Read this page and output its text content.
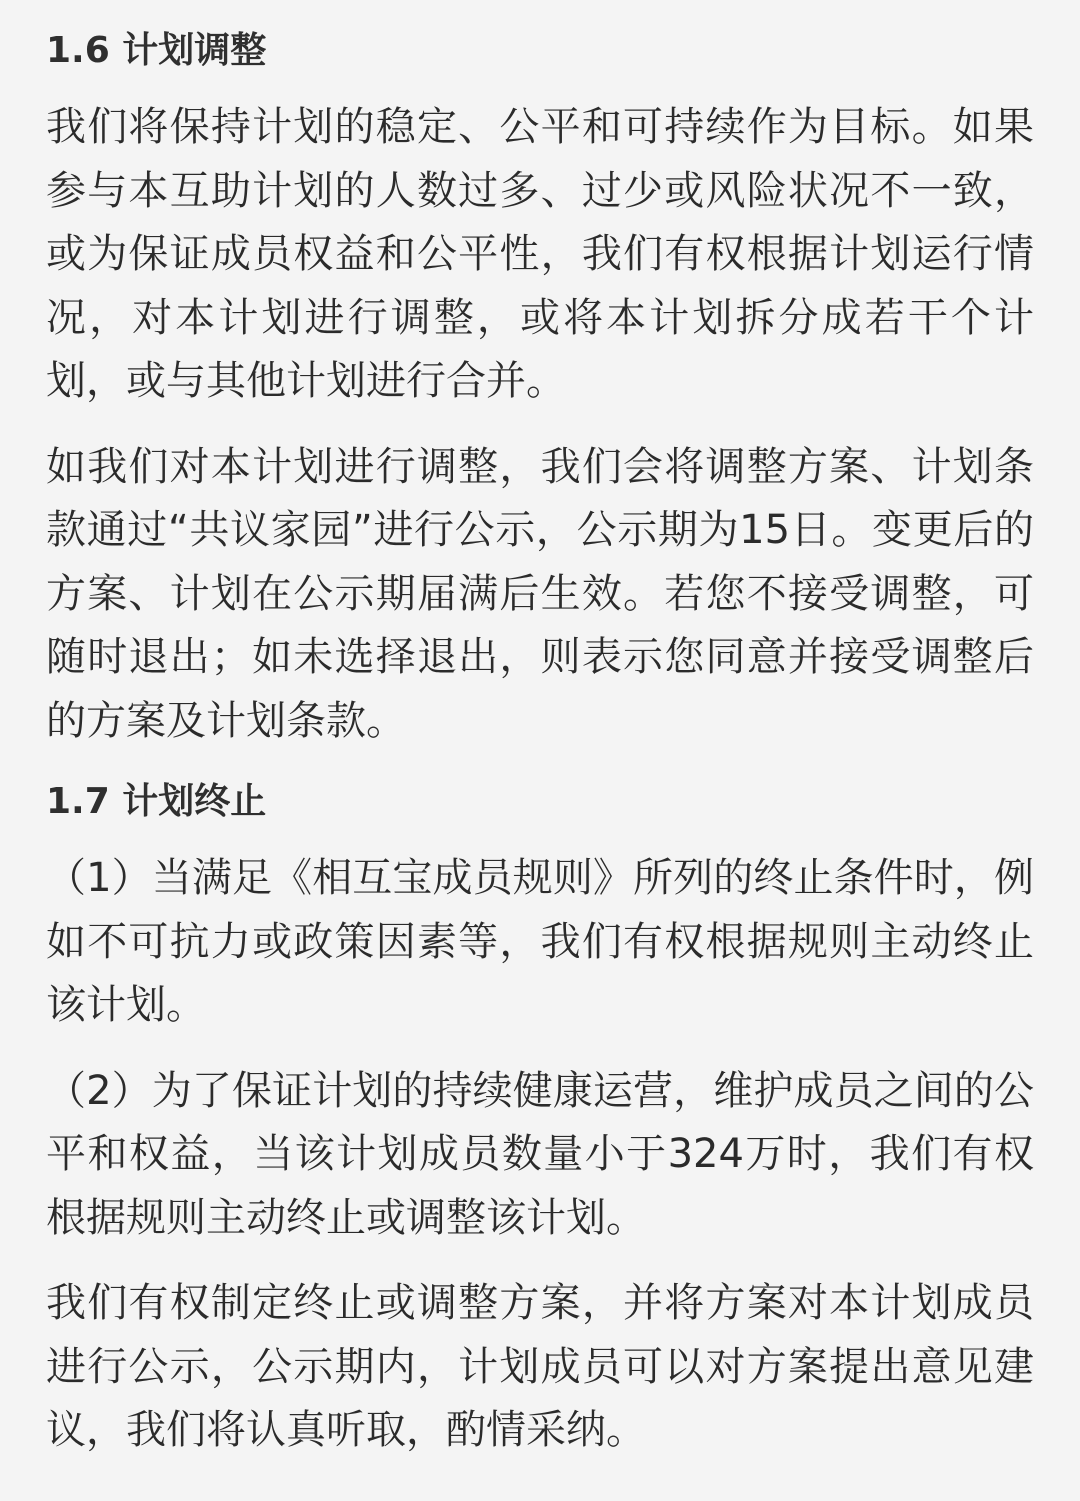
1.6 计划调整

我们将保持计划的稳定、公平和可持续作为目标。如果参与本互助计划的人数过多、过少或风险状况不一致，或为保证成员权益和公平性，我们有权根据计划运行情况，对本计划进行调整，或将本计划拆分成若干个计划，或与其他计划进行合并。

如我们对本计划进行调整，我们会将调整方案、计划条款通过“共议家园”进行公示，公示期为15日。变更后的方案、计划在公示期届满后生效。若您不接受调整，可随时退出；如未选择退出，则表示您同意并接受调整后的方案及计划条款。

1.7 计划终止

（1）当满足《相互宝成员规则》所列的终止条件时，例如不可抗力或政策因素等，我们有权根据规则主动终止该计划。

（2）为了保证计划的持续健康运营，维护成员之间的公平和权益，当该计划成员数量小于324万时，我们有权根据规则主动终止或调整该计划。

我们有权制定终止或调整方案，并将方案对本计划成员进行公示，公示期内，计划成员可以对方案提出意见建议，我们将认真听取，酌情采纳。
